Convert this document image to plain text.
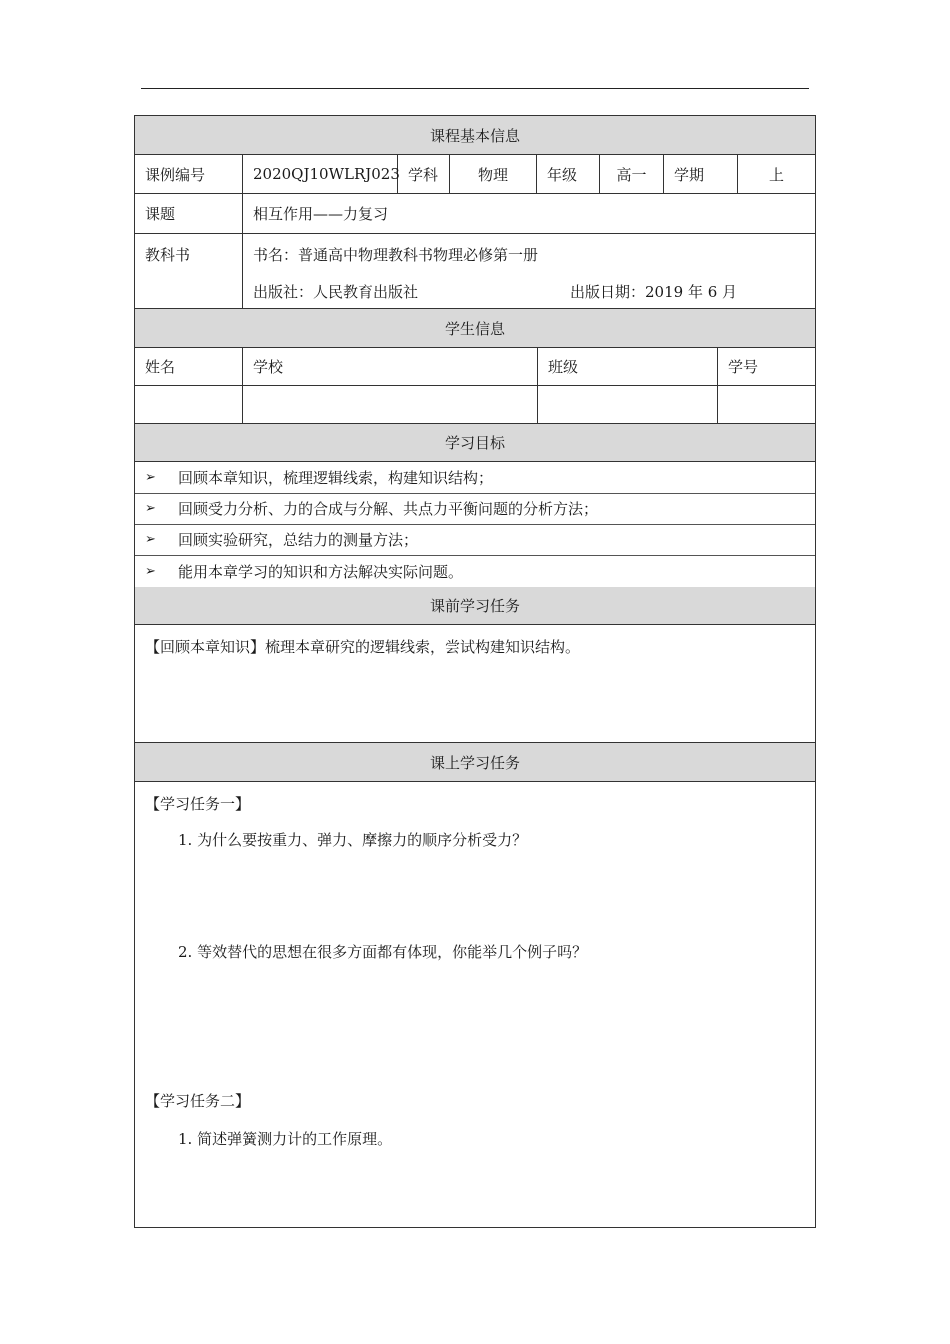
课程基本信息
课例编号	2020QJ10WLRJ023 学科	物理	年级	高一	学期	上
课题	相互作用——力复习
教科书	书名：普通高中物理教科书物理必修第一册
出版社：人民教育出版社	出版日期：2019 年 6 月
学生信息
姓名	学校	班级	学号
学习目标
➢ 回顾本章知识，梳理逻辑线索，构建知识结构；
➢ 回顾受力分析、力的合成与分解、共点力平衡问题的分析方法；
➢ 回顾实验研究，总结力的测量方法；
➢ 能用本章学习的知识和方法解决实际问题。
课前学习任务
【回顾本章知识】梳理本章研究的逻辑线索，尝试构建知识结构。
课上学习任务
【学习任务一】
1. 为什么要按重力、弹力、摩擦力的顺序分析受力？
2. 等效替代的思想在很多方面都有体现，你能举几个例子吗？
【学习任务二】
1. 简述弹簧测力计的工作原理。
